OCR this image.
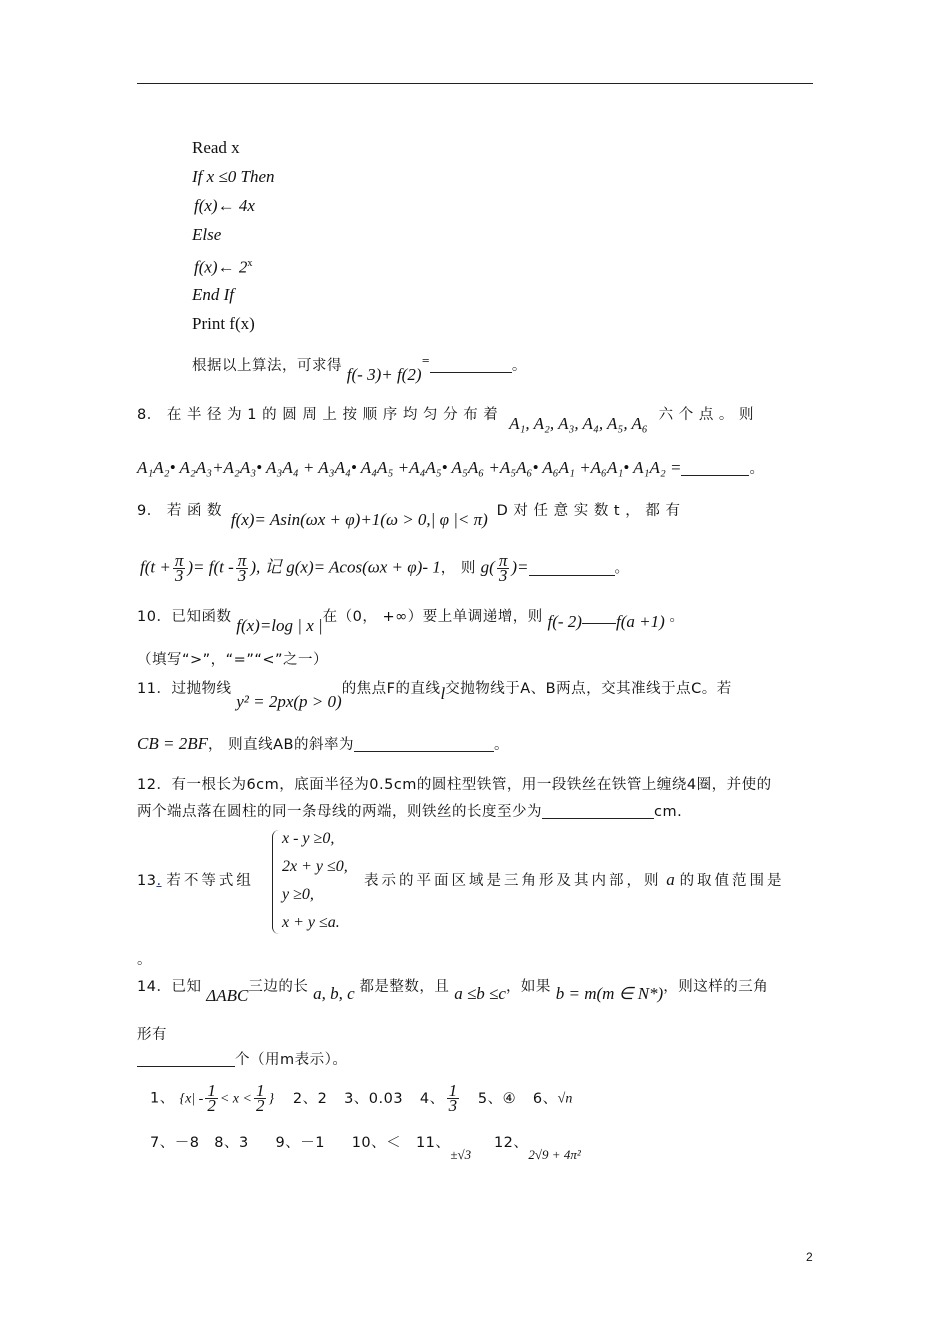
Read x
If x ≤0 Then
f(x)← 4x
Else
f(x)← 2$^x$
End If
Print f(x)
根据以上算法，可求得 f(- 3)+ f(2)=	。
8． 在 半 径 为 1 的 圆 周 上 按 顺 序 均 匀 分 布 着 A₁, A₂, A₃, A₄, A₅, A₆ 六 个 点 。 则
A₁A₂• A₂A₃+A₂A₃• A₃A₄ + A₃A₄• A₄A₅ +A₄A₅• A₅A₆ +A₅A₆• A₆A₁ +A₆A₁• A₁A₂ =	。
9． 若 函 数 f(x)= Asin(ωx + φ)+1(ω > 0,| φ |< π) D 对 任 意 实 数 t ， 都 有
$f(t + \frac{\pi}{3}$ )= $f(t - \frac{\pi}{3}$ ), 记 g(x)= Acos(ωx + φ)- 1， 则 $g( \frac{\pi}{3}$ )=	。
10．已知函数 f(x)=log | x |在（0， +∞）要上单调递增，则 f(- 2) f(a +1) 。
（填写“>”，“=”“<”之一）
11．过抛物线 y² = 2px(p > 0)的焦点F的直线l交抛物线于A、B两点，交其准线于点C。若
CB = 2BF， 则直线AB的斜率为	。
12．有一根长为6cm，底面半径为0.5cm的圆柱型铁管，用一段铁丝在铁管上缠绕4圈，并使的
两个端点落在圆柱的同一条母线的两端，则铁丝的长度至少为	cm.
13. 若不等式组
x - y ≥0,
2x + y ≤0,
y ≥0,
x + y ≤a.
表示的平面区域是三角形及其内部，则 a 的取值范围是
。
14．已知 ΔABC三边的长 a, b, c 都是整数，且 a ≤b ≤c，如果 b = m(m ∈ N*)，则这样的三角
形有
个（用m表示）。
1、 {$x| - \frac{1}{2} < x < \frac{1}{2}$ } 2、2 3、0.03 4、 $\frac{1}{3} 5$、④ 6、√n
7、－8 8、3 9、－1 10、＜ 11、±√3 12、2√9 + 4π²
2
